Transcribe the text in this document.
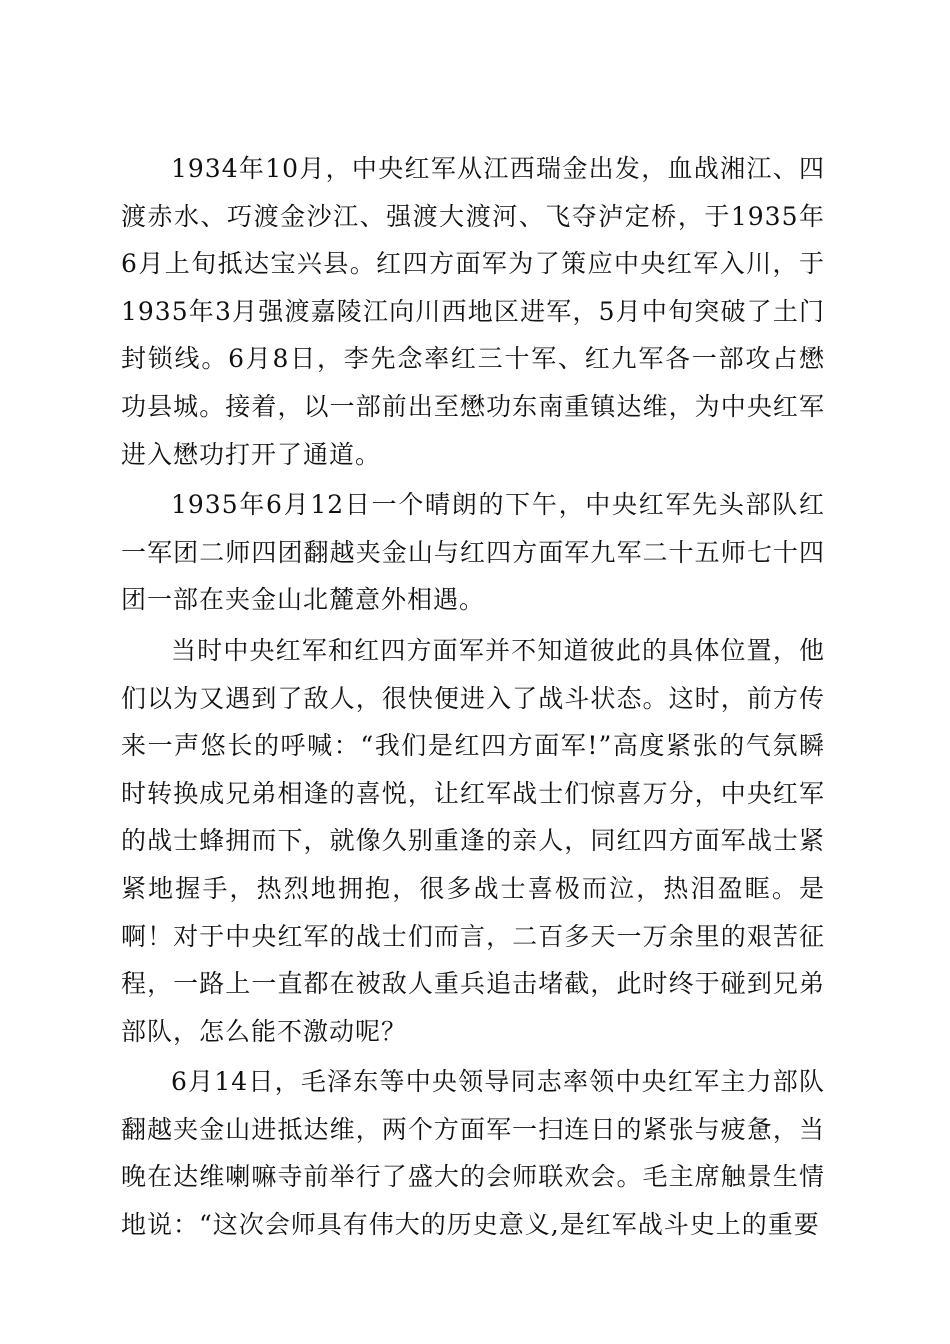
1934年10月，中央红军从江西瑞金出发，血战湘江、四渡赤水、巧渡金沙江、强渡大渡河、飞夺泸定桥，于1935年6月上旬抵达宝兴县。红四方面军为了策应中央红军入川，于1935年3月强渡嘉陵江向川西地区进军，5月中旬突破了土门封锁线。6月8日，李先念率红三十军、红九军各一部攻占懋功县城。接着，以一部前出至懋功东南重镇达维，为中央红军进入懋功打开了通道。

1935年6月12日一个晴朗的下午，中央红军先头部队红一军团二师四团翻越夹金山与红四方面军九军二十五师七十四团一部在夹金山北麓意外相遇。

当时中央红军和红四方面军并不知道彼此的具体位置，他们以为又遇到了敌人，很快便进入了战斗状态。这时，前方传来一声悠长的呼喊：“我们是红四方面军!”高度紧张的气氛瞬时转换成兄弟相逢的喜悦，让红军战士们惊喜万分，中央红军的战士蜂拥而下，就像久别重逢的亲人，同红四方面军战士紧紧地握手，热烈地拥抱，很多战士喜极而泣，热泪盈眶。是啊！对于中央红军的战士们而言，二百多天一万余里的艰苦征程，一路上一直都在被敌人重兵追击堵截，此时终于碰到兄弟部队，怎么能不激动呢？

6月14日，毛泽东等中央领导同志率领中央红军主力部队翻越夹金山进抵达维，两个方面军一扫连日的紧张与疲惫，当晚在达维喇嘛寺前举行了盛大的会师联欢会。毛主席触景生情地说：“这次会师具有伟大的历史意义,是红军战斗史上的重要
